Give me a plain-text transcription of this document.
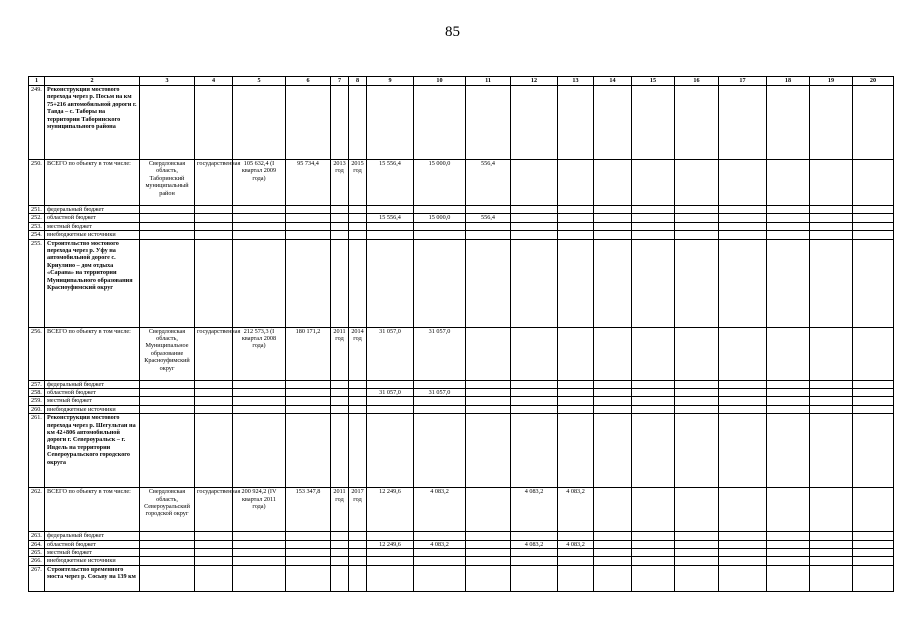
85
1	2	3	4	5	6	7	8	9	10	11	12	13	14	15	16	17	18	19	20
249.	Реконструкция мостового перехода через р. Посьм на км 75+216 автомобильной дороги г. Тавда – с. Таборы на территории Таборинского муниципального района																		
250.	ВСЕГО по объекту в том числе:	Свердловская область, Таборинский муниципальный район	государственная	105 632,4 (I квартал 2009 года)	95 734,4	2013 год	2015 год	15 556,4	15 000,0	556,4									
251.	федеральный бюджет																		
252.	областной бюджет							15 556,4	15 000,0	556,4									
253.	местный бюджет																		
254.	внебюджетные источники																		
255.	Строительство мостового перехода через р. Уфу на автомобильной дороге с. Криулино – дом отдыха «Сарана» на территории Муниципального образования Красноуфимский округ																		
256.	ВСЕГО по объекту в том числе:	Свердловская область, Муниципальное образование Красноуфимский округ	государственная	212 573,3 (I квартал 2008 года)	180 171,2	2011 год	2014 год	31 057,0	31 057,0										
257.	федеральный бюджет																		
258.	областной бюджет							31 057,0	31 057,0										
259.	местный бюджет																		
260.	внебюджетные источники																		
261.	Реконструкция мостового перехода через р. Шегультан на км 42+806 автомобильной дороги г. Североуральск – г. Ивдель на территории Североуральского городского округа																		
262.	ВСЕГО по объекту в том числе:	Свердловская область, Североуральский городской округ	государственная	200 924,2 (IV квартал 2011 года)	153 347,8	2011 год	2017 год	12 249,6	4 083,2		4 083,2	4 083,2							
263.	федеральный бюджет																		
264.	областной бюджет							12 249,6	4 083,2		4 083,2	4 083,2							
265.	местный бюджет																		
266.	внебюджетные источники																		
267.	Строительство временного моста через р. Сосьву на 139 км																		
